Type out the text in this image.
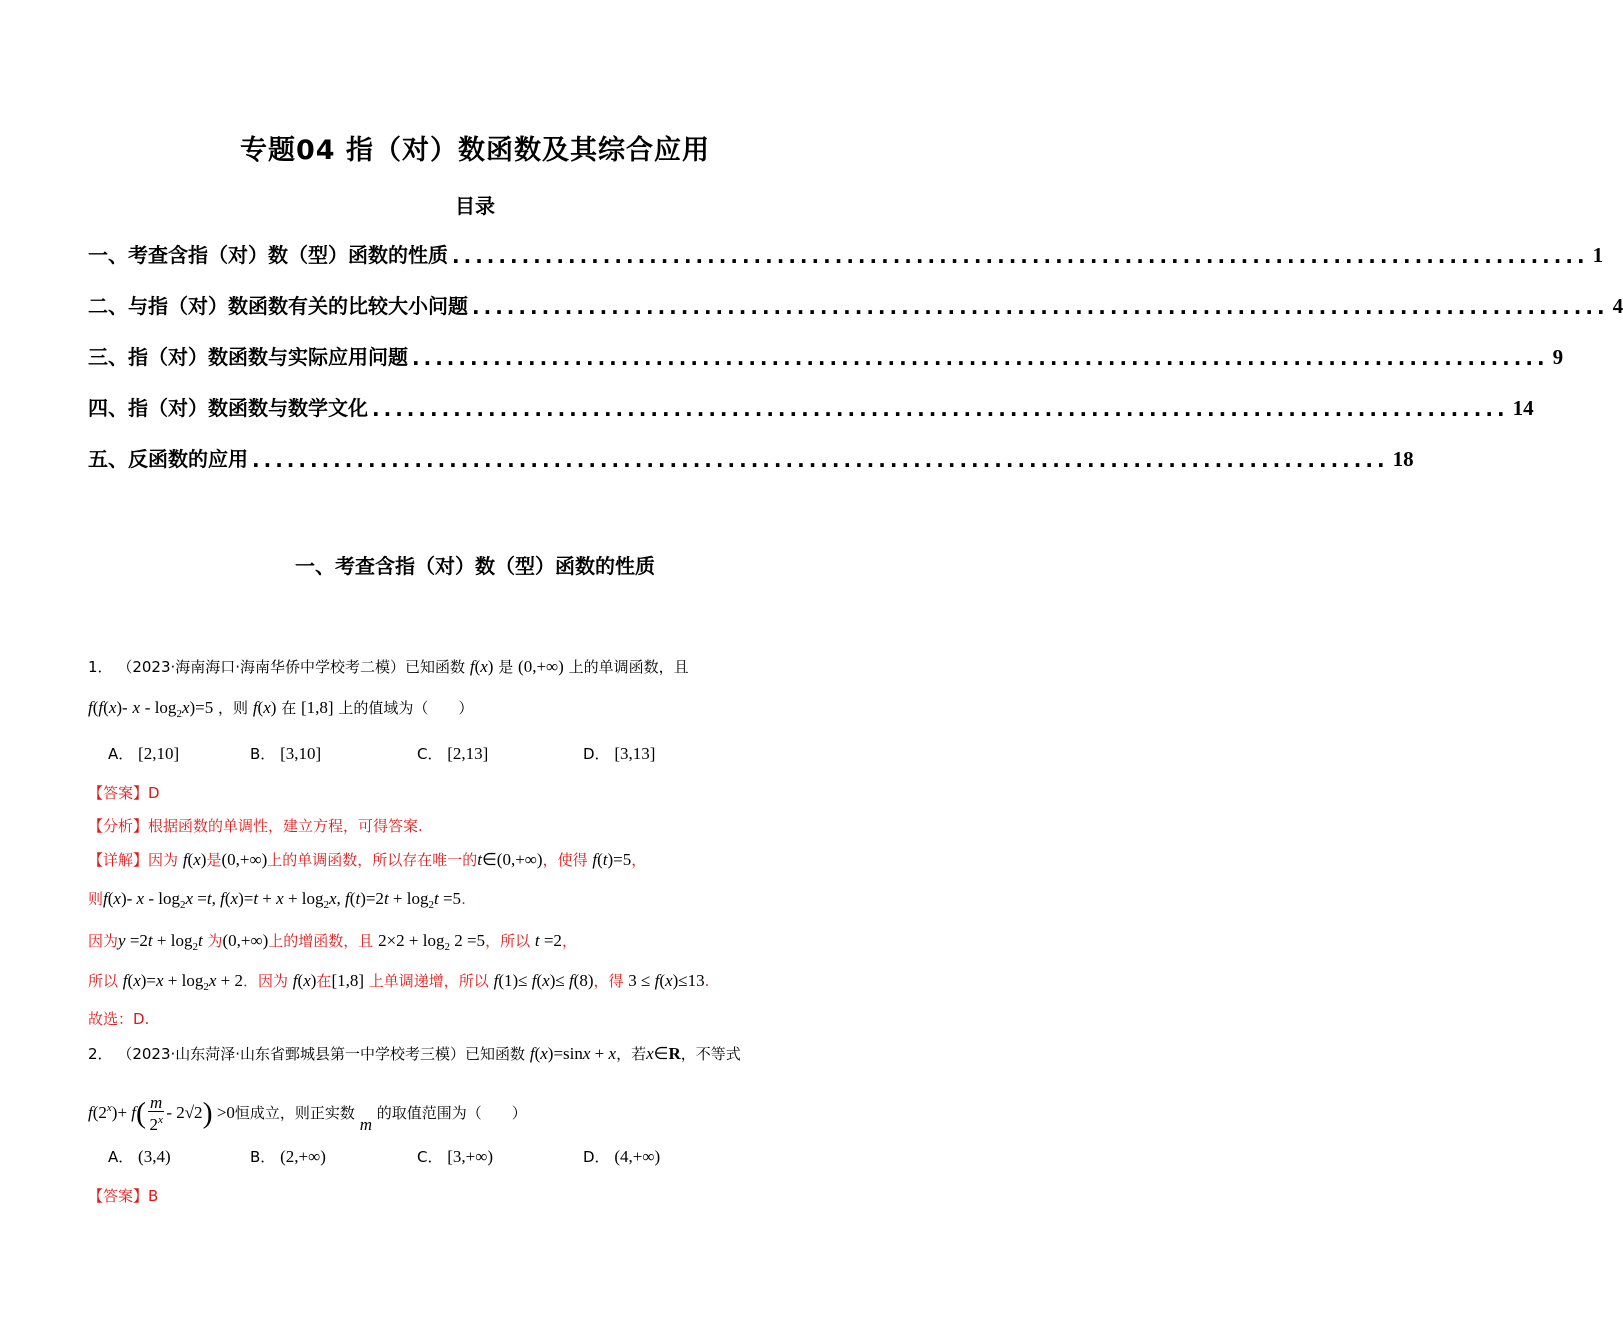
专题04 指（对）数函数及其综合应用
目录
一、考查含指（对）数（型）函数的性质 .................................................................................................. 1
二、与指（对）数函数有关的比较大小问题 .................................................................................................. 4
三、指（对）数函数与实际应用问题 .................................................................................................. 9
四、指（对）数函数与数学文化 .................................................................................................. 14
五、反函数的应用 .................................................................................................. 18
一、考查含指（对）数（型）函数的性质
1． （2023·海南海口·海南华侨中学校考二模）已知函数 f(x) 是 (0,+∞) 上的单调函数，且
f(f(x)- $x - \log_2x)=5$ ，则 f(x) 在 [1,8] 上的值域为（　　）
A． [2,10]	B． [3,10]	C． [2,13]	D． [3,13]
【答案】D
【分析】根据函数的单调性，建立方程，可得答案.
【详解】因为 f(x)是(0,+∞)上的单调函数，所以存在唯一的t∈(0,+∞)，使得 f(t)=5，
则f(x)- $x - \log_2x =t$, $f(x)=t + x + \log_2x$, $f(t)=2t + \log_2t =5$.
因为$y =2t + \log_2t$ 为(0,+∞)上的增函数，且 $2\times 2 + \log_2 2 =5$，所以 t =2，
所以 $f(x)=x + \log_2x + 2$．因为 f(x)在[1,8] 上单调递增，所以 f(1)≤ f(x)≤ f(8)，得 3 ≤ f(x)≤13.
故选：D.
2． （2023·山东菏泽·山东省鄄城县第一中学校考三模）已知函数 f(x)=sinx + x，若x∈R，不等式
$f(2^x)+ f( \frac{m}{2^x} - 2√2) >0$恒成立，则正实数 m 的取值范围为（　　）
A． (3,4)	B． (2,+∞)	C． [3,+∞)	D． (4,+∞)
【答案】B
